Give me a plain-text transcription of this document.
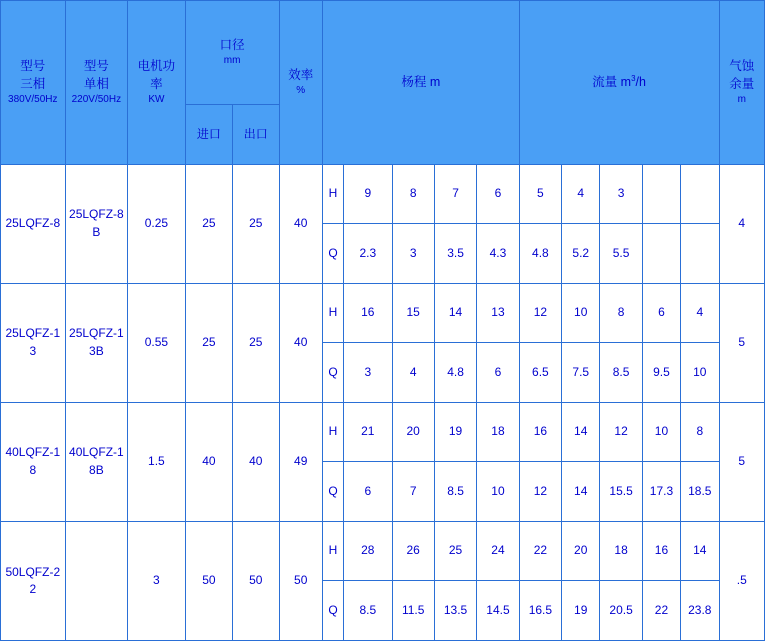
型号
三相
380V/50Hz	型号
单相
220V/50Hz	电机功
率
KW	口径
mm		效率
%	杨程 m					流量 $m^3/h$					气蚀
余量
m

			进口	出口												

25LQFZ-8	25LQFZ-8B	0.25	25	25	40	H	9	8	7	6	5	4	3			4
						Q	2.3	3	3.5	4.3	4.8	5.2	5.5			
25LQFZ-13	25LQFZ-13B	0.55	25	25	40	H	16	15	14	13	12	10	8	6	4	5
						Q	3	4	4.8	6	6.5	7.5	8.5	9.5	10	
40LQFZ-18	40LQFZ-18B	1.5	40	40	49	H	21	20	19	18	16	14	12	10	8	5
						Q	6	7	8.5	10	12	14	15.5	17.3	18.5	
50LQFZ-22		3	50	50	50	H	28	26	25	24	22	20	18	16	14	.5
						Q	8.5	11.5	13.5	14.5	16.5	19	20.5	22	23.8	
